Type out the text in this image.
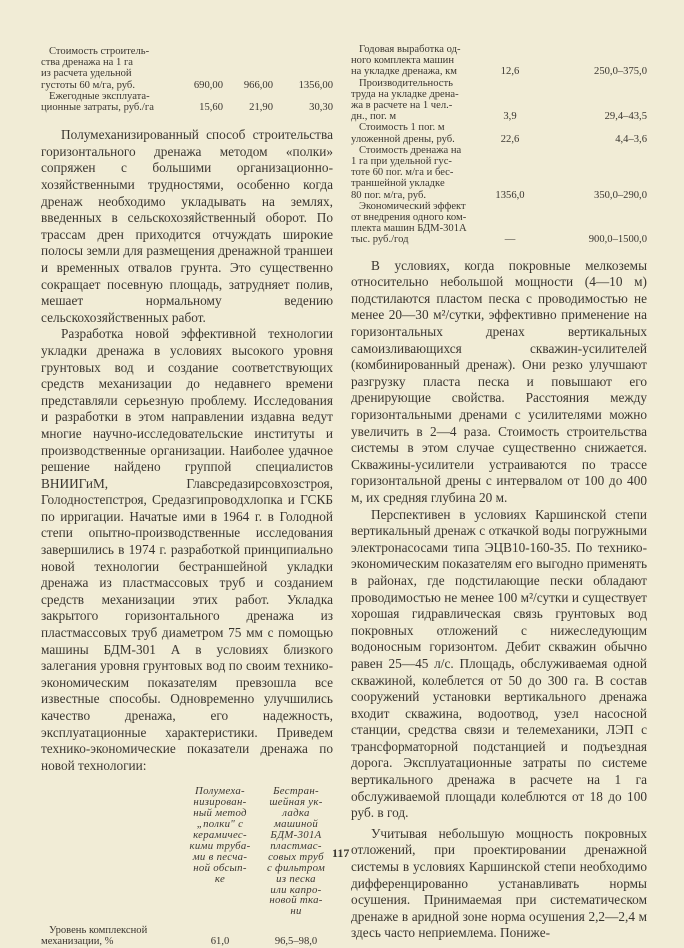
Стоимость строитель-
ства дренажа на 1 га
из расчета удельной
густоты 60 м/га, руб.	690,00	966,00	1356,00

Ежегодные эксплуата-
ционные затраты, руб./га	15,60	21,90	30,30

Полумеханизированный способ строительства горизонтального дренажа методом «полки» сопряжен с большими организационно-хозяйственными трудностями, особенно когда дренаж необходимо укладывать на землях, введенных в сельскохозяйственный оборот. По трассам дрен приходится отчуждать широкие полосы земли для размещения дренажной траншеи и временных отвалов грунта. Это существенно сокращает посевную площадь, затрудняет полив, мешает нормальному ведению сельскохозяйственных работ.

Разработка новой эффективной технологии укладки дренажа в условиях высокого уровня грунтовых вод и создание соответствующих средств механизации до недавнего времени представляли серьезную проблему. Исследования и разработки в этом направлении издавна ведут многие научно-исследовательские институты и производственные организации. Наиболее удачное решение найдено группой специалистов ВНИИГиМ, Главсредазирсовхозстроя, Голодностепстроя, Средазгипроводхлопка и ГСКБ по ирригации. Начатые ими в 1964 г. в Голодной степи опытно-производственные исследования завершились в 1974 г. разработкой принципиально новой технологии бестраншейной укладки дренажа из пластмассовых труб и созданием средств механизации этих работ. Укладка закрытого горизонтального дренажа из пластмассовых труб диаметром 75 мм с помощью машины БДМ-301 А в условиях близкого залегания уровня грунтовых вод по своим технико-экономическим показателям превзошла все известные способы. Одновременно улучшились качество дренажа, его надежность, эксплуатационные характеристики. Приведем технико-экономические показатели дренажа по новой технологии:

Полумеха-
низирован-
ный метод
„полки" с
керамичес-
кими труба-
ми в песча-
ной обсып-
ке

Бестран-
шейная ук-
ладка
машиной
БДМ-301А
пластмас-
совых труб
с фильтром
из песка
или капро-
новой тка-
ни

Уровень комплексной
механизации, %	61,0	96,5–98,0
Годовая выработка од-
ного комплекта машин
на укладке дренажа, км	12,6	250,0–375,0

Производительность
труда на укладке дрена-
жа в расчете на 1 чел.-
дн., пог. м	3,9	29,4–43,5

Стоимость 1 пог. м
уложенной дрены, руб.	22,6	4,4–3,6

Стоимость дренажа на
1 га при удельной гус-
тоте 60 пог. м/га и бес-
траншейной укладке
80 пог. м/га, руб.	1356,0	350,0–290,0

Экономический эффект
от внедрения одного ком-
плекта машин БДМ-301А
тыс. руб./год	—	900,0–1500,0

В условиях, когда покровные мелкоземы относительно небольшой мощности (4—10 м) подстилаются пластом песка с проводимостью не менее 20—30 м²/сутки, эффективно применение на горизонтальных дренах вертикальных самоизливающихся скважин-усилителей (комбинированный дренаж). Они резко улучшают разгрузку пласта песка и повышают его дренирующие свойства. Расстояния между горизонтальными дренами с усилителями можно увеличить в 2—4 раза. Стоимость строительства системы в этом случае существенно снижается. Скважины-усилители устраиваются по трассе горизонтальной дрены с интервалом от 100 до 400 м, их средняя глубина 20 м.

Перспективен в условиях Каршинской степи вертикальный дренаж с откачкой воды погружными электронасосами типа ЭЦВ10-160-35. По технико-экономическим показателям его выгодно применять в районах, где подстилающие пески обладают проводимостью не менее 100 м²/сутки и существует хорошая гидравлическая связь грунтовых вод покровных отложений с нижеследующим водоносным горизонтом. Дебит скважин обычно равен 25—45 л/с. Площадь, обслуживаемая одной скважиной, колеблется от 50 до 300 га. В состав сооружений установки вертикального дренажа входит скважина, водоотвод, узел насосной станции, средства связи и телемеханики, ЛЭП с трансформаторной подстанцией и подъездная дорога. Эксплуатационные затраты по системе вертикального дренажа в расчете на 1 га обслуживаемой площади колеблются от 18 до 100 руб. в год.

Учитывая небольшую мощность покровных отложений, при проектировании дренажной системы в условиях Каршинской степи необходимо дифференцированно устанавливать нормы осушения. Принимаемая при систематическом дренаже в аридной зоне норма осушения 2,2—2,4 м здесь часто неприемлема. Понижe-

117
